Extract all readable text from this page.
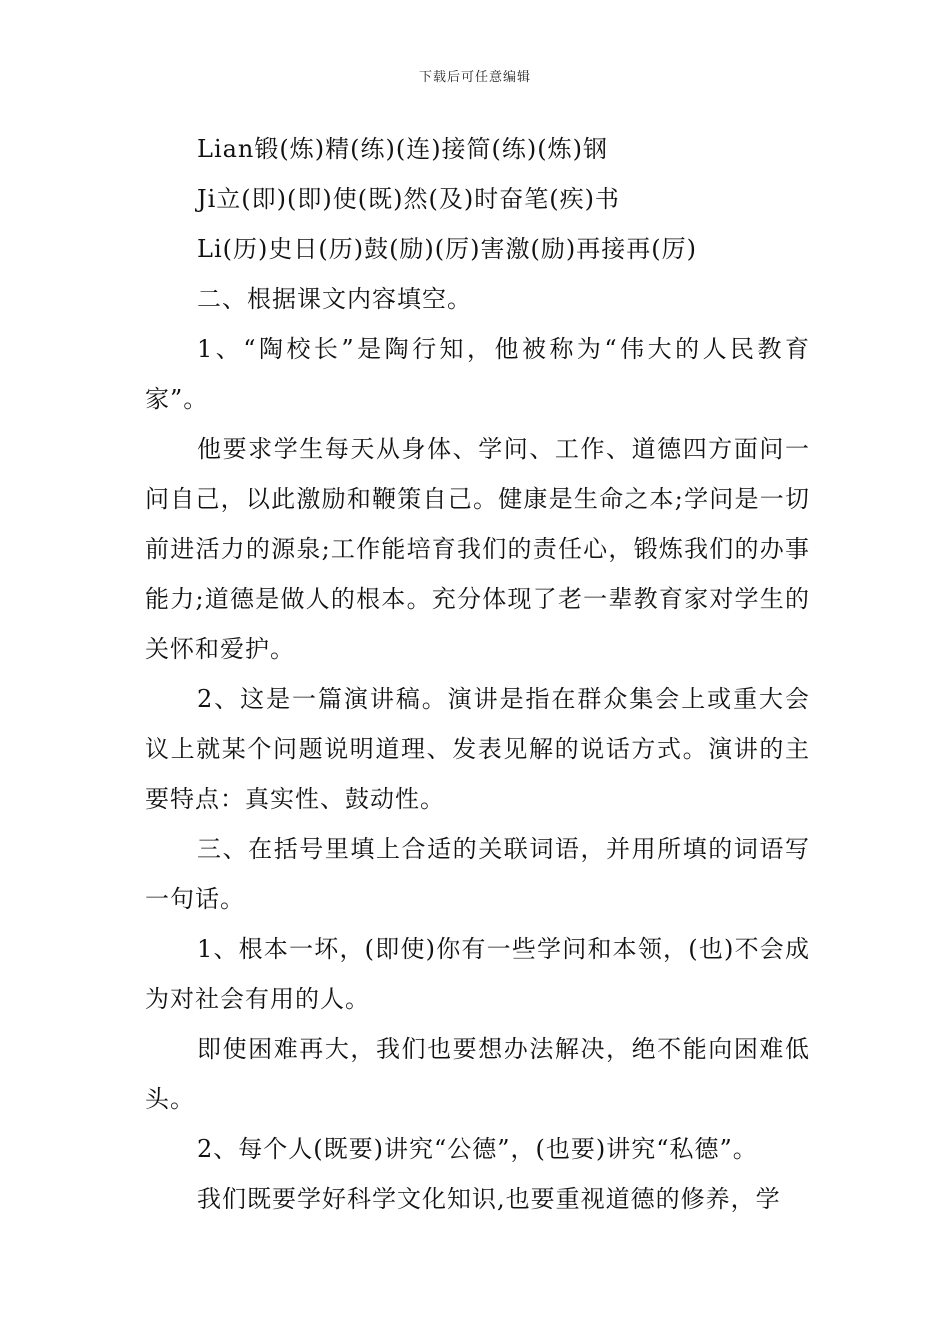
下载后可任意编辑

Lian锻(炼)精(练)(连)接简(练)(炼)钢

Ji立(即)(即)使(既)然(及)时奋笔(疾)书

Li(历)史日(历)鼓(励)(厉)害激(励)再接再(厉)

二、根据课文内容填空。

1、“陶校长”是陶行知，他被称为“伟大的人民教育家”。

他要求学生每天从身体、学问、工作、道德四方面问一问自己，以此激励和鞭策自己。健康是生命之本;学问是一切前进活力的源泉;工作能培育我们的责任心，锻炼我们的办事能力;道德是做人的根本。充分体现了老一辈教育家对学生的关怀和爱护。

2、这是一篇演讲稿。演讲是指在群众集会上或重大会议上就某个问题说明道理、发表见解的说话方式。演讲的主要特点：真实性、鼓动性。

三、在括号里填上合适的关联词语，并用所填的词语写一句话。

1、根本一坏，(即使)你有一些学问和本领，(也)不会成为对社会有用的人。

即使困难再大，我们也要想办法解决，绝不能向困难低头。

2、每个人(既要)讲究“公德”，(也要)讲究“私德”。

我们既要学好科学文化知识,也要重视道德的修养，学
